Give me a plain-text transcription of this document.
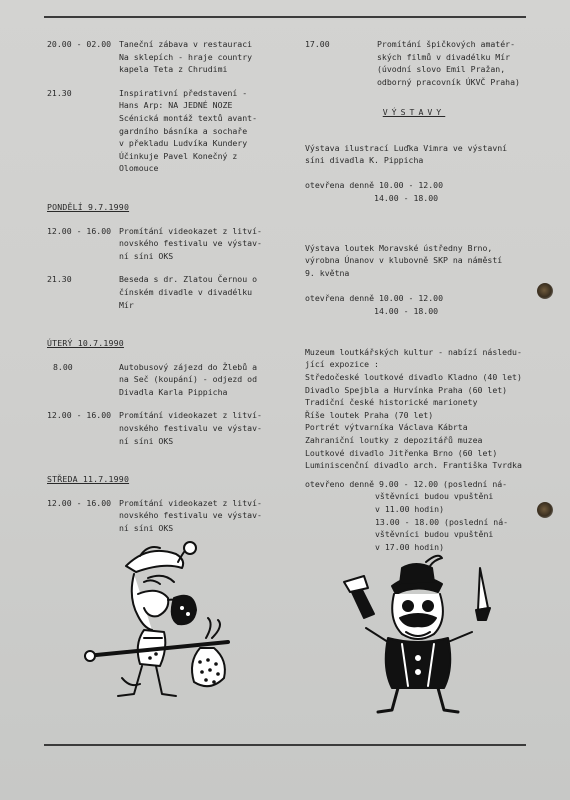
20.00 - 02.00 Taneční zábava v restauraci
Na sklepích - hraje country
kapela Teta z Chrudimi
21.30	Inspirativní představení -
Hans Arp: NA JEDNÉ NOZE
Scénická montáž textů avant-
gardního básníka a sochaře
v překladu Ludvíka Kundery
Účinkuje Pavel Konečný z
Olomouce
PONDĚLÍ 9.7.1990
12.00 - 16.00 Promítání videokazet z litví-
novského festivalu ve výstav-
ní síni OKS
21.30	Beseda s dr. Zlatou Černou o
čínském divadle v divadélku
Mír
ÚTERÝ 10.7.1990
8.00	Autobusový zájezd do Žlebů a
na Seč (koupání) - odjezd od
Divadla Karla Pippicha
12.00 - 16.00 Promítání videokazet z litví-
novského festivalu ve výstav-
ní síni OKS
STŘEDA 11.7.1990
12.00 - 16.00 Promítání videokazet z litví-
novského festivalu ve výstav-
ní síni OKS
17.00	Promítání špičkových amatér-
ských filmů v divadélku Mír
(úvodní slovo Emil Pražan,
odborný pracovník ÚKVČ Praha)
VÝSTAVY

Výstava ilustrací Luďka Vimra ve výstavní
síni divadla K. Pippicha

otevřena denně 10.00 - 12.00
14.00 - 18.00

Výstava loutek Moravské ústředny Brno,
výrobna Únanov v klubovně SKP na náměstí
9. května

otevřena denně 10.00 - 12.00
14.00 - 18.00

Muzeum loutkářských kultur - nabízí následu-
jící expozice :
Středočeské loutkové divadlo Kladno (40 let)
Divadlo Spejbla a Hurvínka Praha (60 let)
Tradiční české historické marionety
Říše loutek Praha (70 let)
Portrét výtvarníka Václava Kábrta
Zahraniční loutky z depozitářů muzea
Loutkové divadlo Jitřenka Brno (60 let)
Luminiscenční divadlo arch. Františka Tvrdka
otevřeno denně 9.00 - 12.00 (poslední ná-
vštěvníci budou vpuštěni
v 11.00 hodin)
13.00 - 18.00 (poslední ná-
vštěvníci budou vpuštěni
v 17.00 hodin)
